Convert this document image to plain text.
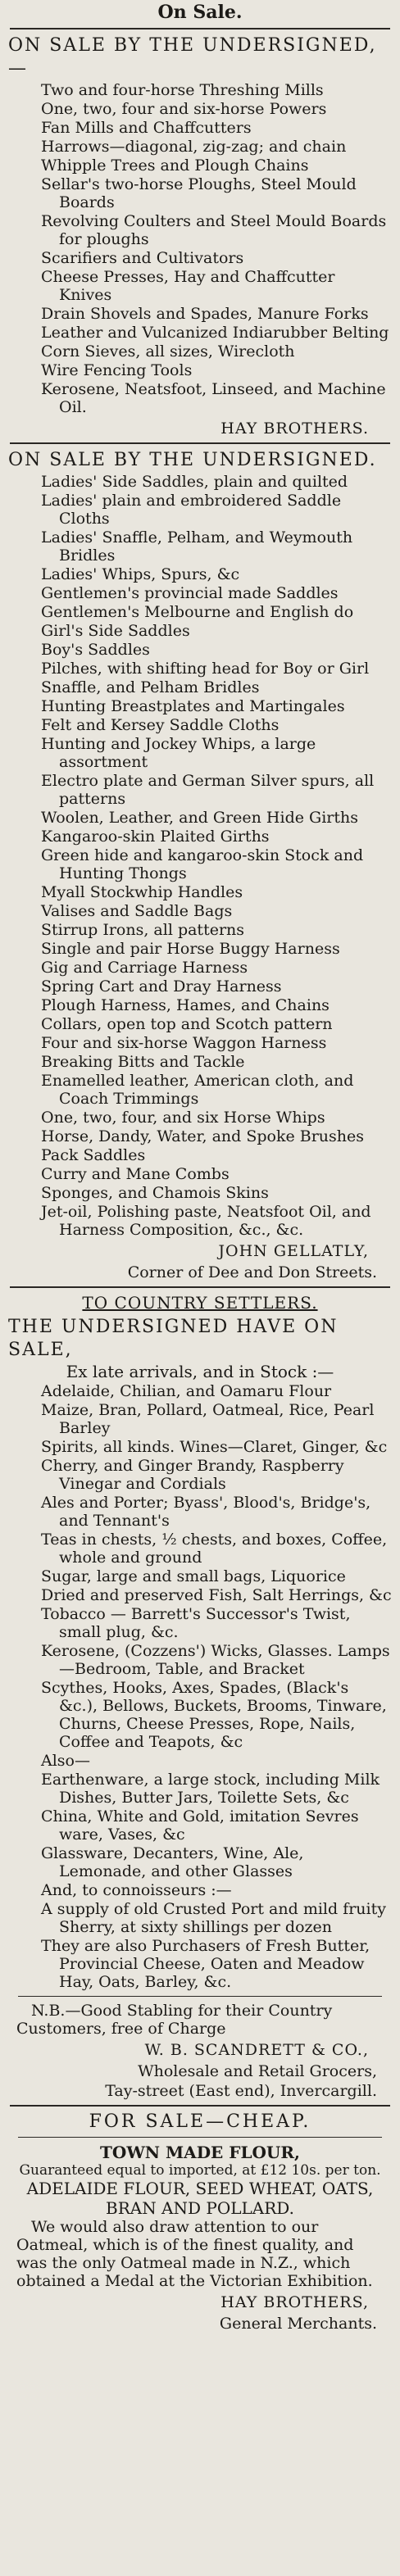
On Sale.
ON SALE BY THE UNDERSIGNED,—
Two and four-horse Threshing Mills
One, two, four and six-horse Powers
Fan Mills and Chaffcutters
Harrows—diagonal, zig-zag; and chain
Whipple Trees and Plough Chains
Sellar's two-horse Ploughs, Steel Mould Boards
Revolving Coulters and Steel Mould Boards for ploughs
Scarifiers and Cultivators
Cheese Presses, Hay and Chaffcutter Knives
Drain Shovels and Spades, Manure Forks
Leather and Vulcanized Indiarubber Belting
Corn Sieves, all sizes, Wirecloth
Wire Fencing Tools
Kerosene, Neatsfoot, Linseed, and Machine Oil.
HAY BROTHERS.
ON SALE BY THE UNDERSIGNED.
Ladies' Side Saddles, plain and quilted
Ladies' plain and embroidered Saddle Cloths
Ladies' Snaffle, Pelham, and Weymouth Bridles
Ladies' Whips, Spurs, &c
Gentlemen's provincial made Saddles
Gentlemen's Melbourne and English do
Girl's Side Saddles
Boy's Saddles
Pilches, with shifting head for Boy or Girl
Snaffle, and Pelham Bridles
Hunting Breastplates and Martingales
Felt and Kersey Saddle Cloths
Hunting and Jockey Whips, a large assortment
Electro plate and German Silver spurs, all patterns
Woolen, Leather, and Green Hide Girths
Kangaroo-skin Plaited Girths
Green hide and kangaroo-skin Stock and Hunting Thongs
Myall Stockwhip Handles
Valises and Saddle Bags
Stirrup Irons, all patterns
Single and pair Horse Buggy Harness
Gig and Carriage Harness
Spring Cart and Dray Harness
Plough Harness, Hames, and Chains
Collars, open top and Scotch pattern
Four and six-horse Waggon Harness
Breaking Bitts and Tackle
Enamelled leather, American cloth, and Coach Trimmings
One, two, four, and six Horse Whips
Horse, Dandy, Water, and Spoke Brushes
Pack Saddles
Curry and Mane Combs
Sponges, and Chamois Skins
Jet-oil, Polishing paste, Neatsfoot Oil, and Harness Composition, &c., &c.
JOHN GELLATLY,
Corner of Dee and Don Streets.
TO COUNTRY SETTLERS.
THE UNDERSIGNED HAVE ON SALE,
Ex late arrivals, and in Stock :—
Adelaide, Chilian, and Oamaru Flour
Maize, Bran, Pollard, Oatmeal, Rice, Pearl Barley
Spirits, all kinds. Wines—Claret, Ginger, &c
Cherry, and Ginger Brandy, Raspberry Vinegar and Cordials
Ales and Porter; Byass', Blood's, Bridge's, and Tennant's
Teas in chests, ½ chests, and boxes, Coffee, whole and ground
Sugar, large and small bags, Liquorice
Dried and preserved Fish, Salt Herrings, &c
Tobacco — Barrett's Successor's Twist, small plug, &c.
Kerosene, (Cozzens') Wicks, Glasses. Lamps—Bedroom, Table, and Bracket
Scythes, Hooks, Axes, Spades, (Black's &c.), Bellows, Buckets, Brooms, Tinware, Churns, Cheese Presses, Rope, Nails, Coffee and Teapots, &c
Also—
Earthenware, a large stock, including Milk Dishes, Butter Jars, Toilette Sets, &c
China, White and Gold, imitation Sevres ware, Vases, &c
Glassware, Decanters, Wine, Ale, Lemonade, and other Glasses
And, to connoisseurs :—
A supply of old Crusted Port and mild fruity Sherry, at sixty shillings per dozen
They are also Purchasers of Fresh Butter, Provincial Cheese, Oaten and Meadow Hay, Oats, Barley, &c.

N.B.—Good Stabling for their Country Customers, free of Charge

W. B. SCANDRETT & CO.,
Wholesale and Retail Grocers,
Tay-street (East end), Invercargill.
FOR SALE—CHEAP.
TOWN MADE FLOUR,
Guaranteed equal to imported, at £12 10s. per ton.
ADELAIDE FLOUR, SEED WHEAT, OATS,
BRAN AND POLLARD.

We would also draw attention to our Oatmeal, which is of the finest quality, and was the only Oatmeal made in N.Z., which obtained a Medal at the Victorian Exhibition.

HAY BROTHERS,
General Merchants.
